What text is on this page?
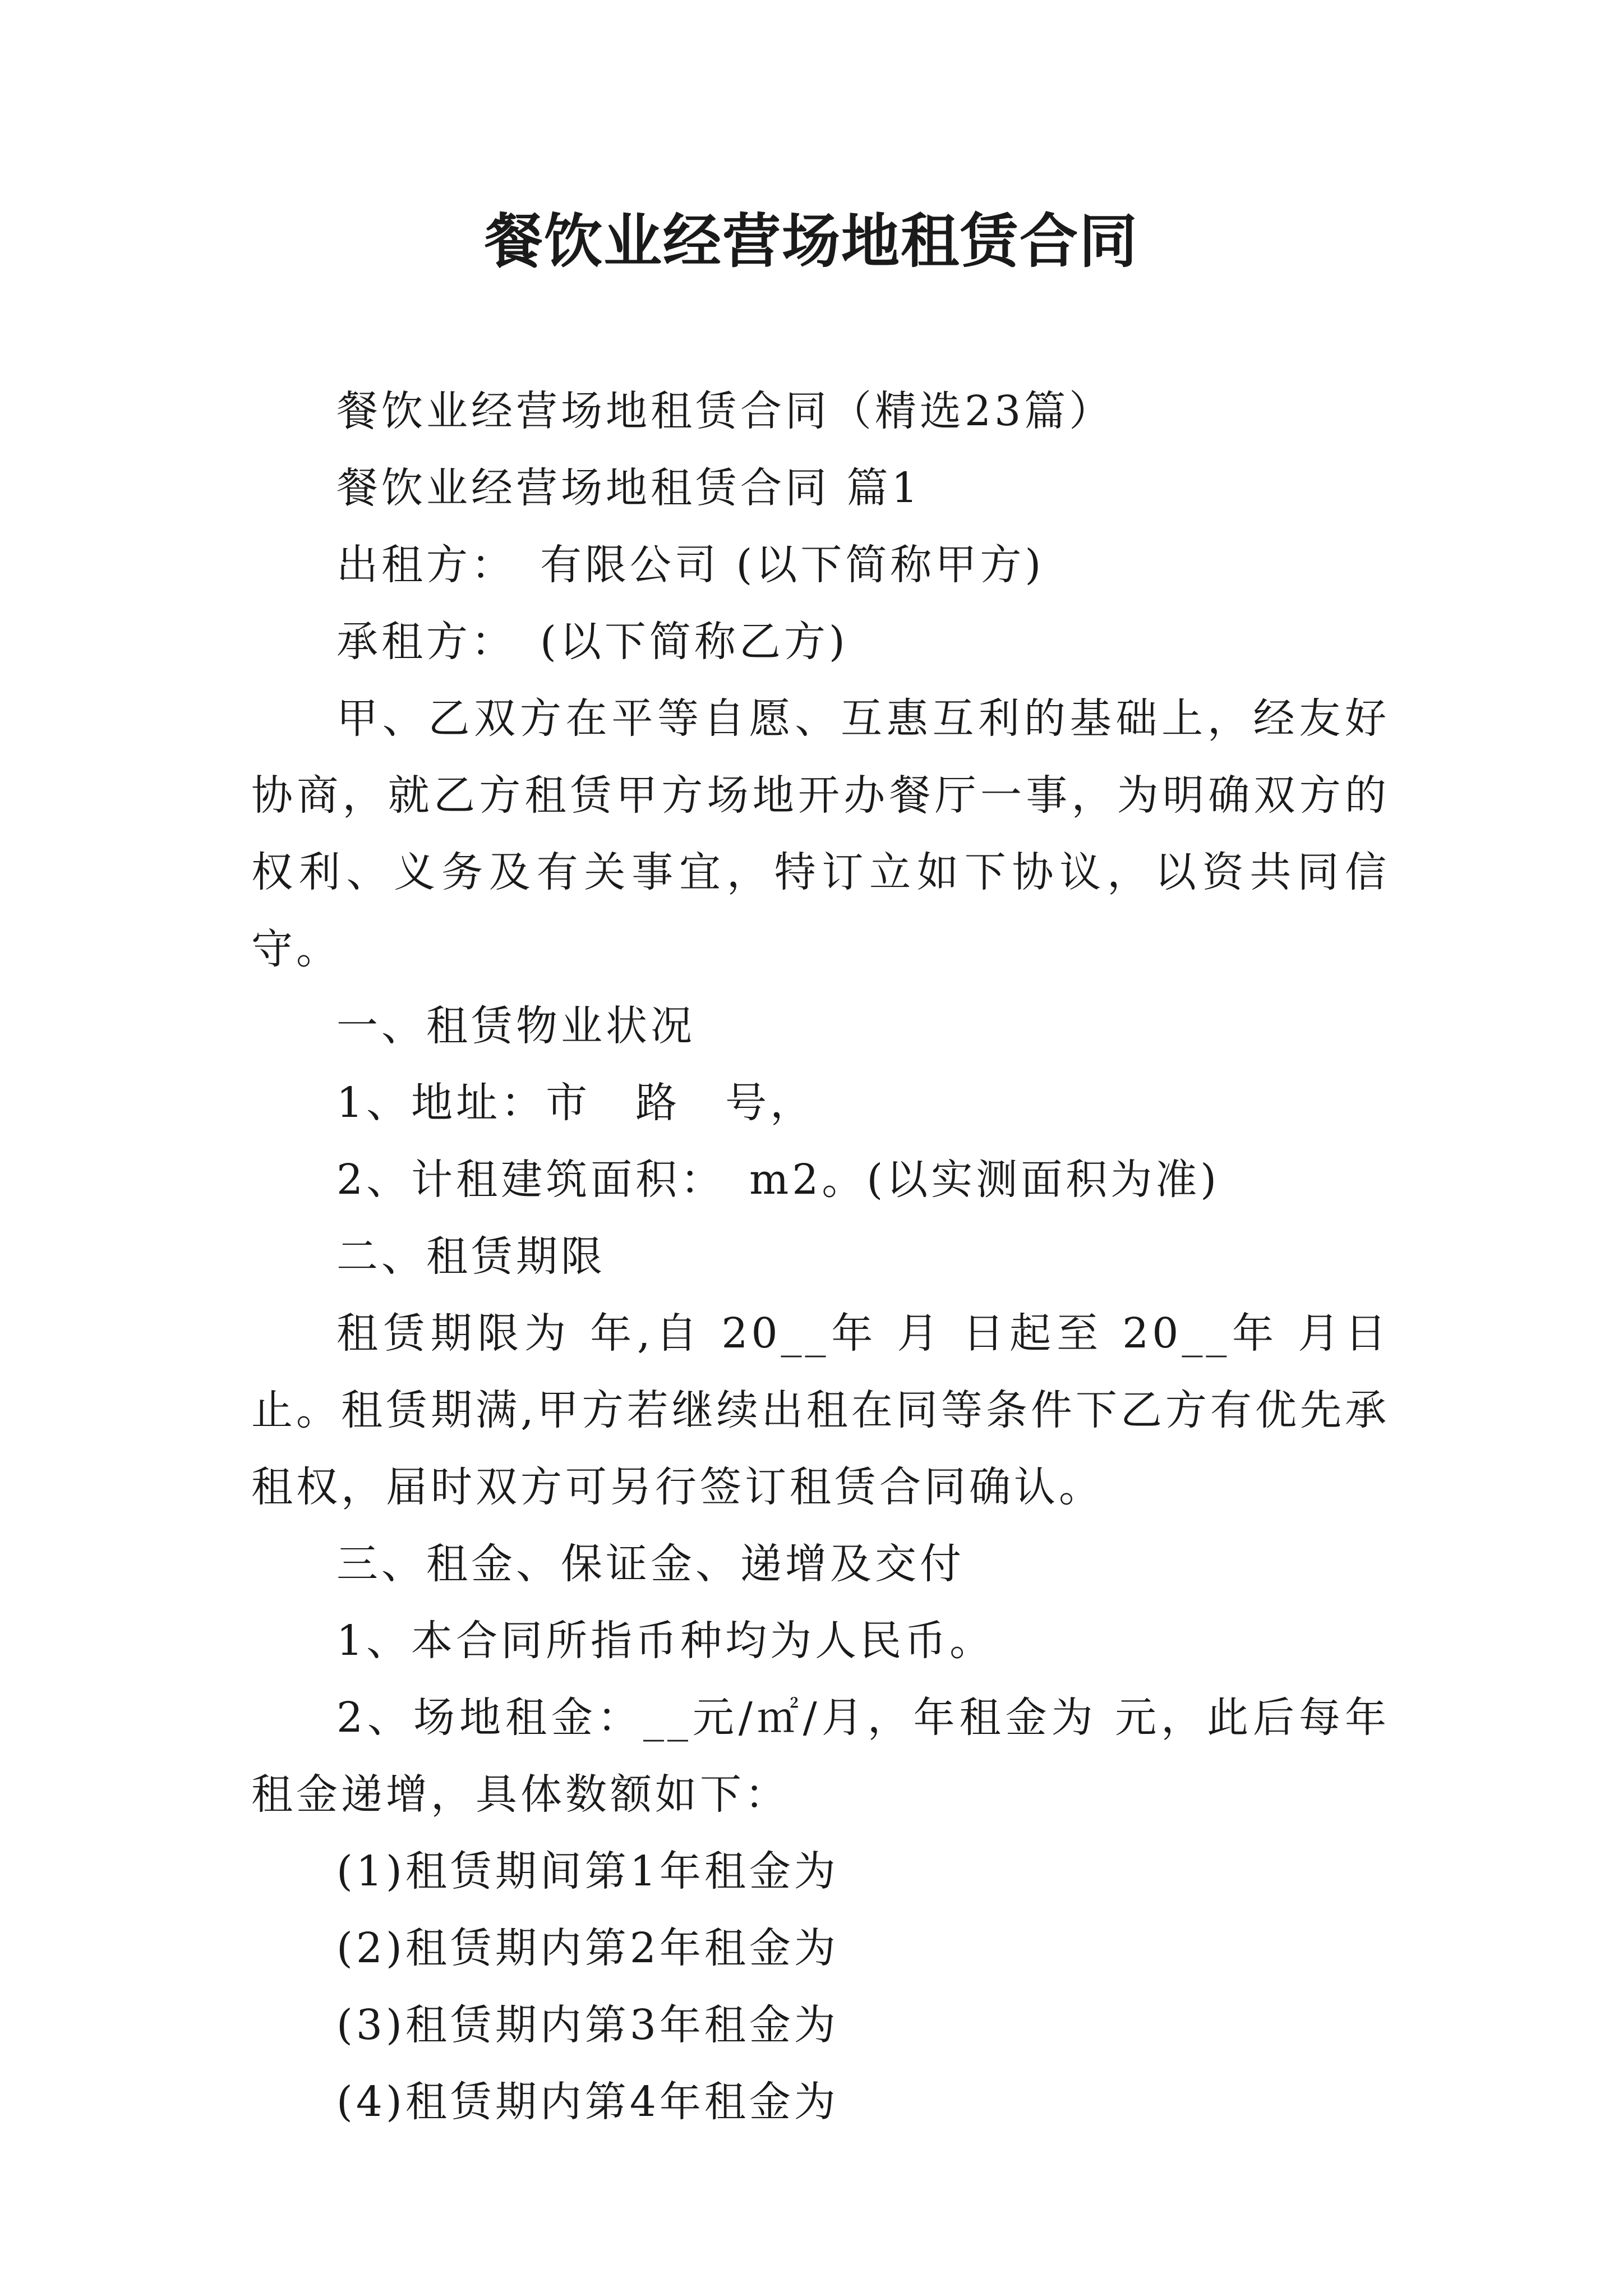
餐饮业经营场地租赁合同

餐饮业经营场地租赁合同（精选23篇）

餐饮业经营场地租赁合同 篇1

出租方：　有限公司 (以下简称甲方)

承租方：　(以下简称乙方)

甲、乙双方在平等自愿、互惠互利的基础上，经友好协商，就乙方租赁甲方场地开办餐厅一事，为明确双方的权利、义务及有关事宜，特订立如下协议，以资共同信守。

一、租赁物业状况

1、地址：市　路　号，

2、计租建筑面积：　m2。(以实测面积为准)

二、租赁期限

租赁期限为 年,自 20__年 月 日起至 20__年 月日止。租赁期满,甲方若继续出租在同等条件下乙方有优先承租权，届时双方可另行签订租赁合同确认。

三、租金、保证金、递增及交付

1、本合同所指币种均为人民币。

2、场地租金：__元/㎡/月，年租金为 元，此后每年租金递增，具体数额如下：

(1)租赁期间第1年租金为

(2)租赁期内第2年租金为

(3)租赁期内第3年租金为

(4)租赁期内第4年租金为
